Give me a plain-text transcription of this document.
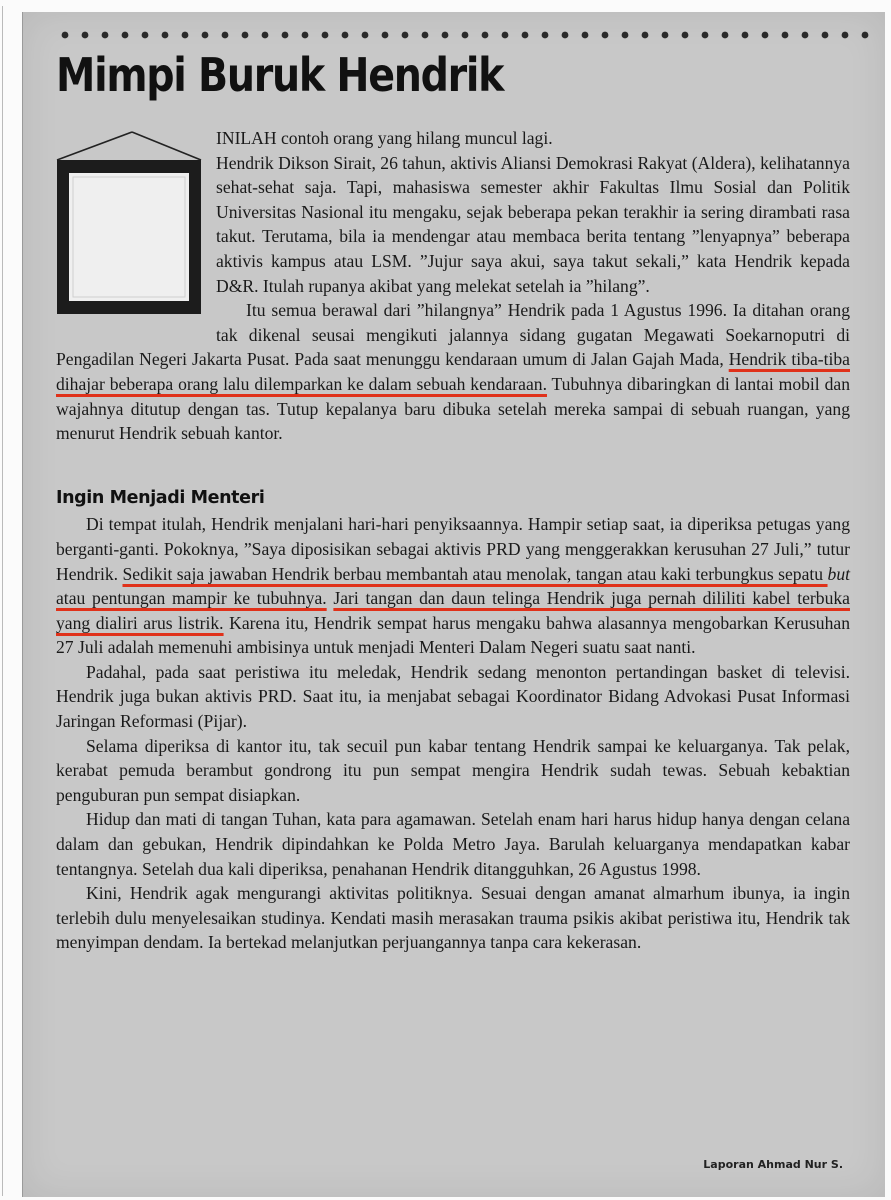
Mimpi Buruk Hendrik

INILAH contoh orang yang hilang muncul lagi.

Hendrik Dikson Sirait, 26 tahun, aktivis Aliansi Demokrasi Rakyat (Aldera), kelihatannya sehat-sehat saja. Tapi, mahasiswa semester akhir Fakultas Ilmu Sosial dan Politik Universitas Nasional itu mengaku, sejak beberapa pekan terakhir ia sering dirambati rasa takut. Terutama, bila ia mendengar atau membaca berita tentang ”lenyapnya” beberapa aktivis kampus atau LSM. ”Jujur saya akui, saya takut sekali,” kata Hendrik kepada D&R. Itulah rupanya akibat yang melekat setelah ia ”hilang”.

Itu semua berawal dari ”hilangnya” Hendrik pada 1 Agustus 1996. Ia ditahan orang tak dikenal seusai mengikuti jalannya sidang gugatan Megawati Soekarnoputri di Pengadilan Negeri Jakarta Pusat. Pada saat menunggu kendaraan umum di Jalan Gajah Mada, Hendrik tiba-tiba dihajar beberapa orang lalu dilemparkan ke dalam sebuah kendaraan. Tubuhnya dibaringkan di lantai mobil dan wajahnya ditutup dengan tas. Tutup kepalanya baru dibuka setelah mereka sampai di sebuah ruangan, yang menurut Hendrik sebuah kantor.

Ingin Menjadi Menteri

Di tempat itulah, Hendrik menjalani hari-hari penyiksaannya. Hampir setiap saat, ia diperiksa petugas yang berganti-ganti. Pokoknya, ”Saya diposisikan sebagai aktivis PRD yang menggerakkan kerusuhan 27 Juli,” tutur Hendrik. Sedikit saja jawaban Hendrik berbau membantah atau menolak, tangan atau kaki terbungkus sepatu but atau pentungan mampir ke tubuhnya. Jari tangan dan daun telinga Hendrik juga pernah dililiti kabel terbuka yang dialiri arus listrik. Karena itu, Hendrik sempat harus mengaku bahwa alasannya mengobarkan Kerusuhan 27 Juli adalah memenuhi ambisinya untuk menjadi Menteri Dalam Negeri suatu saat nanti.

Padahal, pada saat peristiwa itu meledak, Hendrik sedang menonton pertandingan basket di televisi. Hendrik juga bukan aktivis PRD. Saat itu, ia menjabat sebagai Koordinator Bidang Advokasi Pusat Informasi Jaringan Reformasi (Pijar).

Selama diperiksa di kantor itu, tak secuil pun kabar tentang Hendrik sampai ke keluarganya. Tak pelak, kerabat pemuda berambut gondrong itu pun sempat mengira Hendrik sudah tewas. Sebuah kebaktian penguburan pun sempat disiapkan.

Hidup dan mati di tangan Tuhan, kata para agamawan. Setelah enam hari harus hidup hanya dengan celana dalam dan gebukan, Hendrik dipindahkan ke Polda Metro Jaya. Barulah keluarganya mendapatkan kabar tentangnya. Setelah dua kali diperiksa, penahanan Hendrik ditangguhkan, 26 Agustus 1998.

Kini, Hendrik agak mengurangi aktivitas politiknya. Sesuai dengan amanat almarhum ibunya, ia ingin terlebih dulu menyelesaikan studinya. Kendati masih merasakan trauma psikis akibat peristiwa itu, Hendrik tak menyimpan dendam. Ia bertekad melanjutkan perjuangannya tanpa cara kekerasan.

Laporan Ahmad Nur S.
